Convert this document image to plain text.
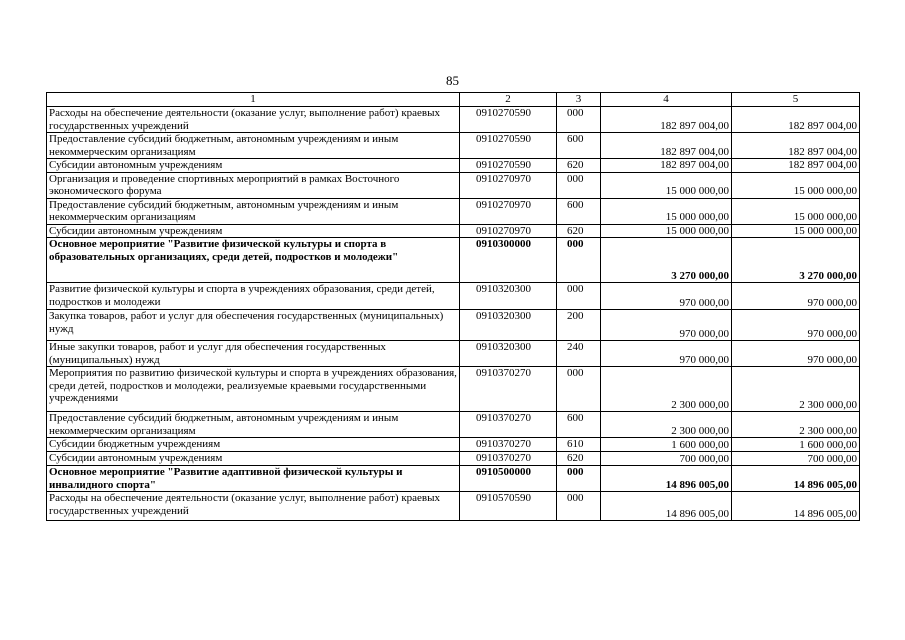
85
1	2	3	4	5
Расходы на обеспечение деятельности (оказание услуг, выполнение работ) краевых государственных учреждений	0910270590	000	182 897 004,00	182 897 004,00
Предоставление субсидий бюджетным, автономным учреждениям и иным некоммерческим организациям	0910270590	600	182 897 004,00	182 897 004,00
Субсидии автономным учреждениям	0910270590	620	182 897 004,00	182 897 004,00
Организация и проведение спортивных мероприятий в рамках Восточного экономического форума	0910270970	000	15 000 000,00	15 000 000,00
Предоставление субсидий бюджетным, автономным учреждениям и иным некоммерческим организациям	0910270970	600	15 000 000,00	15 000 000,00
Субсидии автономным учреждениям	0910270970	620	15 000 000,00	15 000 000,00
Основное мероприятие "Развитие физической культуры и спорта в образовательных организациях, среди детей, подростков и молодежи"	0910300000	000	3 270 000,00	3 270 000,00
Развитие физической культуры и спорта в учреждениях образования, среди детей, подростков и молодежи	0910320300	000	970 000,00	970 000,00
Закупка товаров, работ и услуг для обеспечения государственных (муниципальных) нужд	0910320300	200	970 000,00	970 000,00
Иные закупки товаров, работ и услуг для обеспечения государственных (муниципальных) нужд	0910320300	240	970 000,00	970 000,00
Мероприятия по развитию физической культуры и спорта в учреждениях образования, среди детей, подростков и молодежи, реализуемые краевыми государственными учреждениями	0910370270	000	2 300 000,00	2 300 000,00
Предоставление субсидий бюджетным, автономным учреждениям и иным некоммерческим организациям	0910370270	600	2 300 000,00	2 300 000,00
Субсидии бюджетным учреждениям	0910370270	610	1 600 000,00	1 600 000,00
Субсидии автономным учреждениям	0910370270	620	700 000,00	700 000,00
Основное мероприятие "Развитие адаптивной физической культуры и инвалидного спорта"	0910500000	000	14 896 005,00	14 896 005,00
Расходы на обеспечение деятельности (оказание услуг, выполнение работ) краевых государственных учреждений	0910570590	000	14 896 005,00	14 896 005,00
